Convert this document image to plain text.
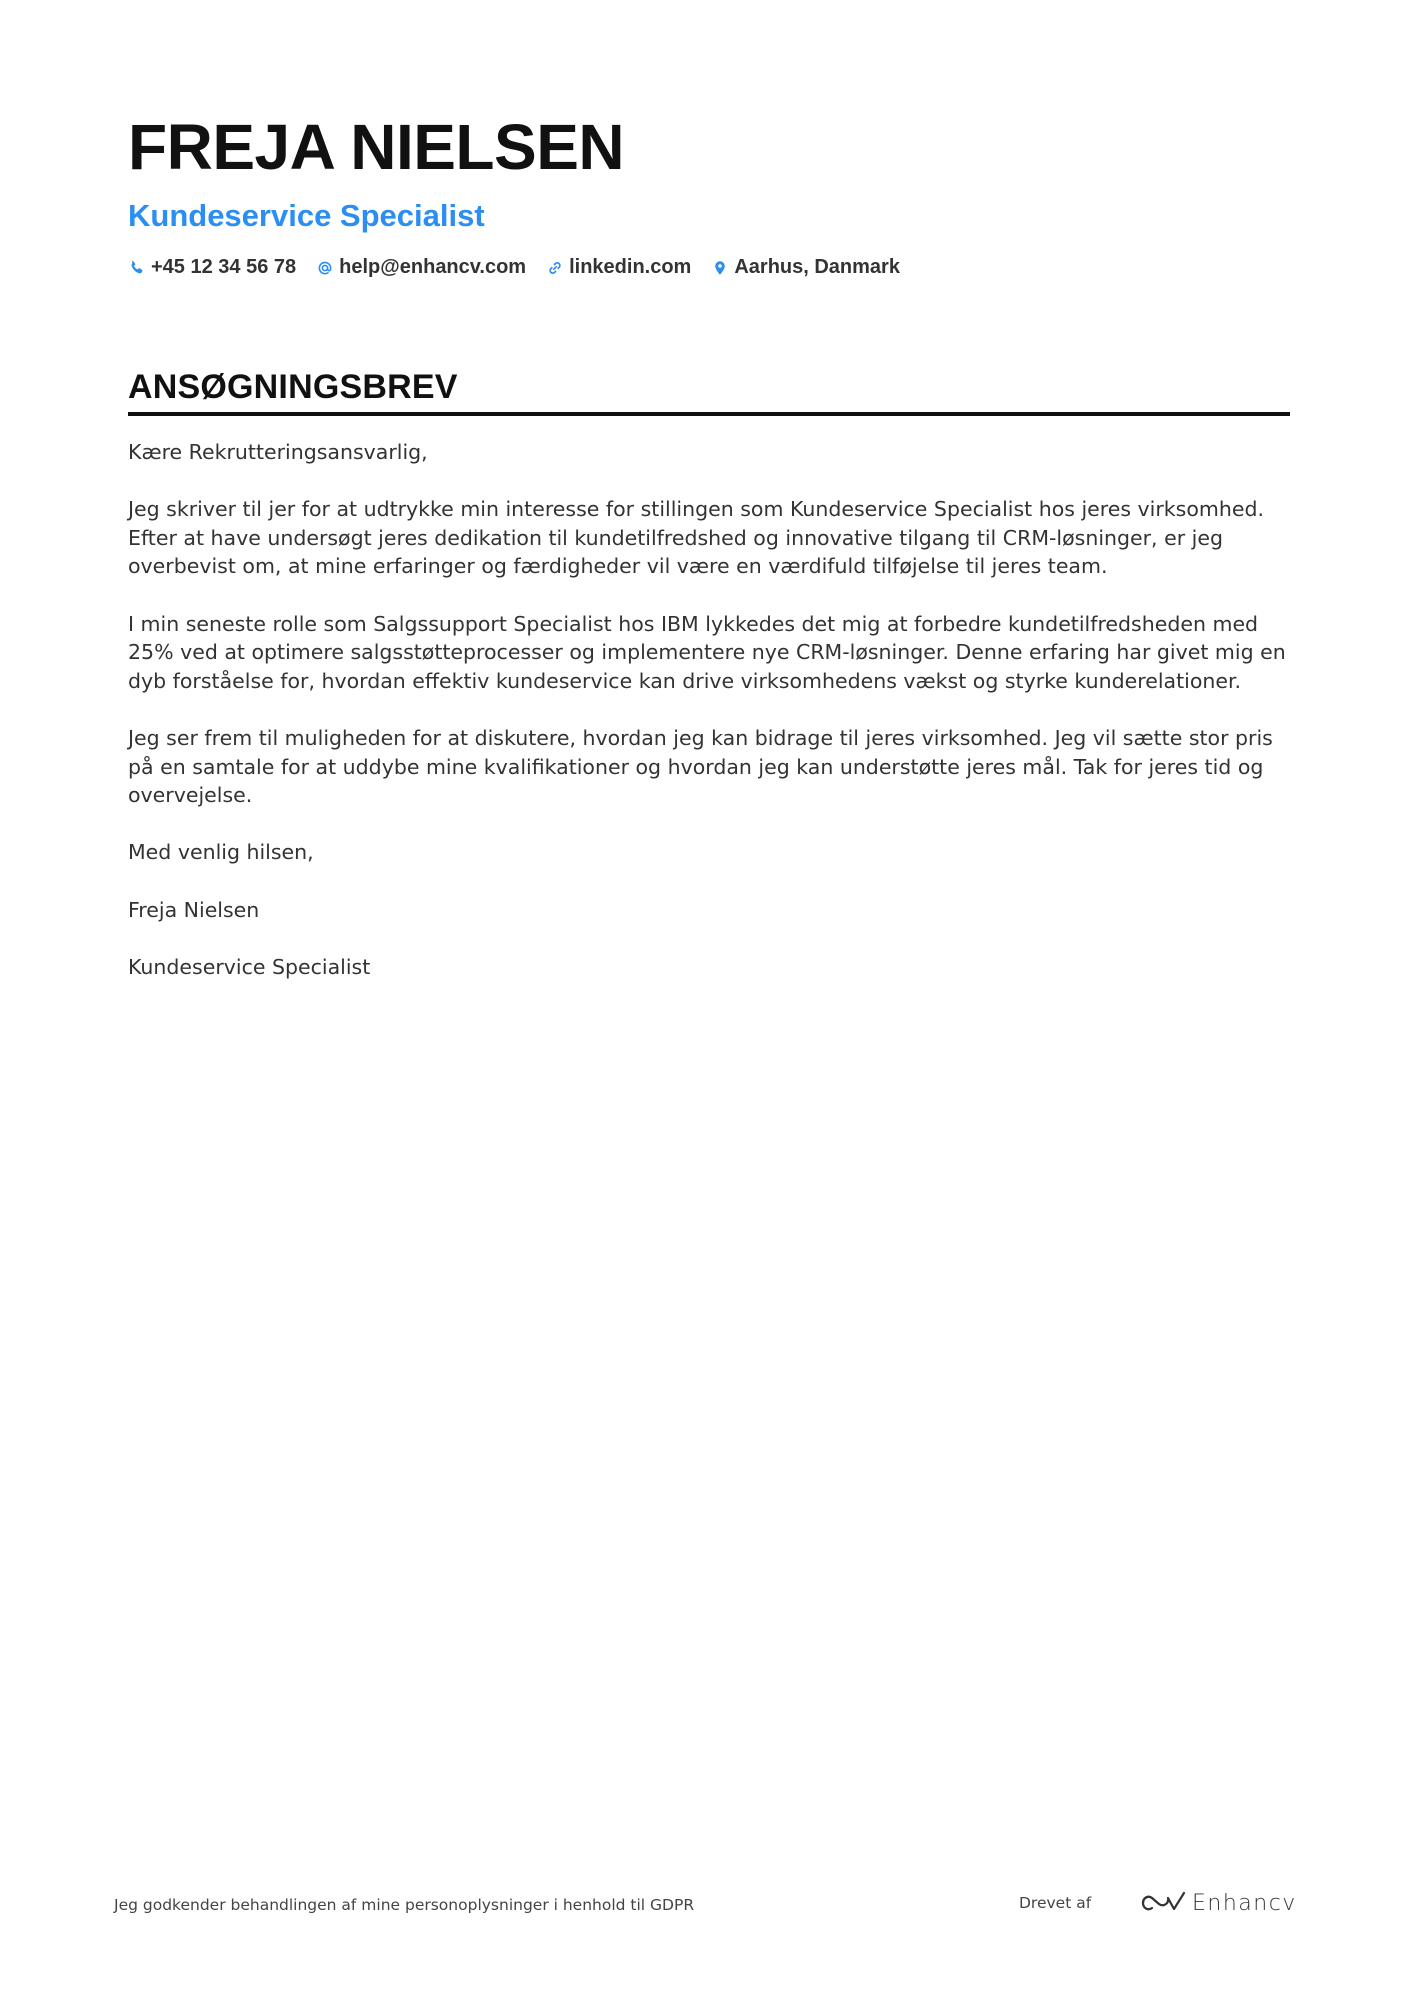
FREJA NIELSEN
Kundeservice Specialist
+45 12 34 56 78 help@enhancv.com linkedin.com Aarhus, Danmark
ANSØGNINGSBREV

Kære Rekrutteringsansvarlig,

Jeg skriver til jer for at udtrykke min interesse for stillingen som Kundeservice Specialist hos jeres virksomhed. Efter at have undersøgt jeres dedikation til kundetilfredshed og innovative tilgang til CRM-løsninger, er jeg overbevist om, at mine erfaringer og færdigheder vil være en værdifuld tilføjelse til jeres team.

I min seneste rolle som Salgssupport Specialist hos IBM lykkedes det mig at forbedre kundetilfredsheden med 25% ved at optimere salgsstøtteprocesser og implementere nye CRM-løsninger. Denne erfaring har givet mig en dyb forståelse for, hvordan effektiv kundeservice kan drive virksomhedens vækst og styrke kunderelationer.

Jeg ser frem til muligheden for at diskutere, hvordan jeg kan bidrage til jeres virksomhed. Jeg vil sætte stor pris på en samtale for at uddybe mine kvalifikationer og hvordan jeg kan understøtte jeres mål. Tak for jeres tid og overvejelse.

Med venlig hilsen,

Freja Nielsen

Kundeservice Specialist

Jeg godkender behandlingen af mine personoplysninger i henhold til GDPR	Drevet af	Enhancv
